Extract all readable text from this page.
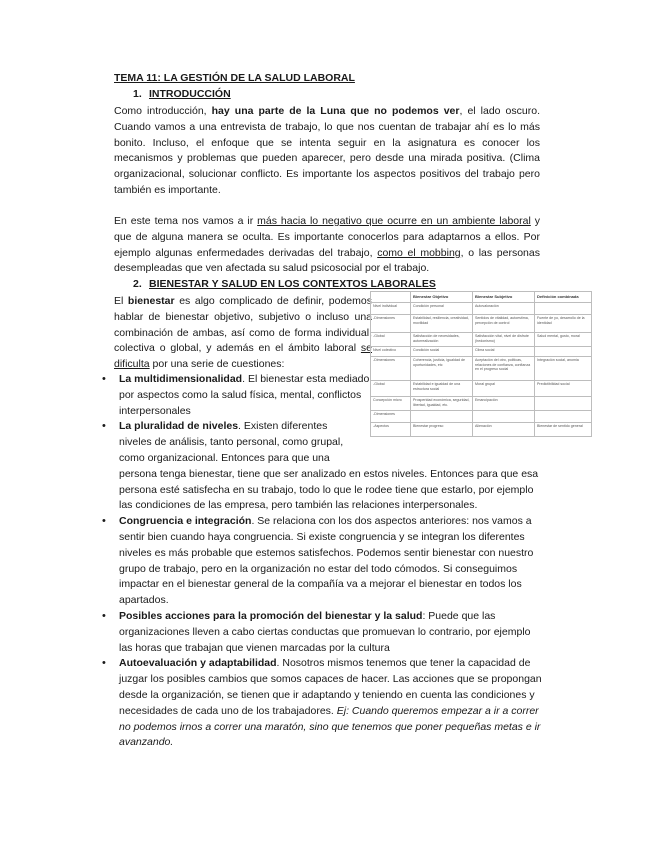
TEMA 11: LA GESTIÓN DE LA SALUD LABORAL
1. INTRODUCCIÓN
Como introducción, hay una parte de la Luna que no podemos ver, el lado oscuro. Cuando vamos a una entrevista de trabajo, lo que nos cuentan de trabajar ahí es lo más bonito. Incluso, el enfoque que se intenta seguir en la asignatura es conocer los mecanismos y problemas que pueden aparecer, pero desde una mirada positiva. (Clima organizacional, solucionar conflicto. Es importante los aspectos positivos del trabajo pero también es importante.
En este tema nos vamos a ir más hacia lo negativo que ocurre en un ambiente laboral y que de alguna manera se oculta. Es importante conocerlos para adaptarnos a ellos. Por ejemplo algunas enfermedades derivadas del trabajo, como el mobbing, o las personas desempleadas que ven afectada su salud psicosocial por el trabajo.
2. BIENESTAR Y SALUD EN LOS CONTEXTOS LABORALES
El bienestar es algo complicado de definir, podemos hablar de bienestar objetivo, subjetivo o incluso una combinación de ambas, así como de forma individual, colectiva o global, y además en el ámbito laboral se dificulta por una serie de cuestiones:
• La multidimensionalidad. El bienestar esta mediado por aspectos como la salud física, mental, conflictos interpersonales
• La pluralidad de niveles. Existen diferentes niveles de análisis, tanto personal, como grupal, como organizacional. Entonces para que una persona tenga bienestar, tiene que ser analizado en estos niveles. Entonces para que esa persona esté satisfecha en su trabajo, todo lo que le rodee tiene que estarlo, por ejemplo las condiciones de las empresa, pero también las relaciones interpersonales.
• Congruencia e integración. Se relaciona con los dos aspectos anteriores: nos vamos a sentir bien cuando haya congruencia. Si existe congruencia y se integran los diferentes niveles es más probable que estemos satisfechos. Podemos sentir bienestar con nuestro grupo de trabajo, pero en la organización no estar del todo cómodos. Si conseguimos impactar en el bienestar general de la compañía va a mejorar el bienestar en todos los apartados.
• Posibles acciones para la promoción del bienestar y la salud: Puede que las organizaciones lleven a cabo ciertas conductas que promuevan lo contrario, por ejemplo las horas que trabajan que vienen marcadas por la cultura
• Autoevaluación y adaptabilidad. Nosotros mismos tenemos que tener la capacidad de juzgar los posibles cambios que somos capaces de hacer. Las acciones que se propongan desde la organización, se tienen que ir adaptando y teniendo en cuenta las condiciones y necesidades de cada uno de los trabajadores. Ej: Cuando queremos empezar a ir a correr no podemos irnos a correr una maratón, sino que tenemos que poner pequeñas metas e ir avanzando.
	Bienestar Objetivo	Bienestar Subjetivo	Definición combinada
Nivel individual	Condición personal	Autovaloración	
-Dimensiones	Estabilidad, resiliencia, creatividad, movilidad	Sentidos de vitalidad, autoestima, percepción de control	Fuente de yo, desarrollo de la identidad
-Global	Satisfacción de necesidades, autorrealización	Satisfacción vital, nivel de disfrute (hedonismo)	Salud mental, gusto, moral
Nivel colectivo	Condición social	Clima social	
-Dimensiones	Coherencia, justicia, igualdad de oportunidades, etc	Aceptación del otro, políticas, relaciones de confianza, confianza en el progreso social	Integración social, anomia
-Global	Estabilidad e igualdad de una estructura social	Moral grupal	Predictibilidad social
Concepción micro	Prosperidad económica, seguridad, libertad, igualdad, etc.	Emancipación	
-Dimensiones			
-Aspectos	Bienestar progreso	Alienación	Bienestar de sentido general
